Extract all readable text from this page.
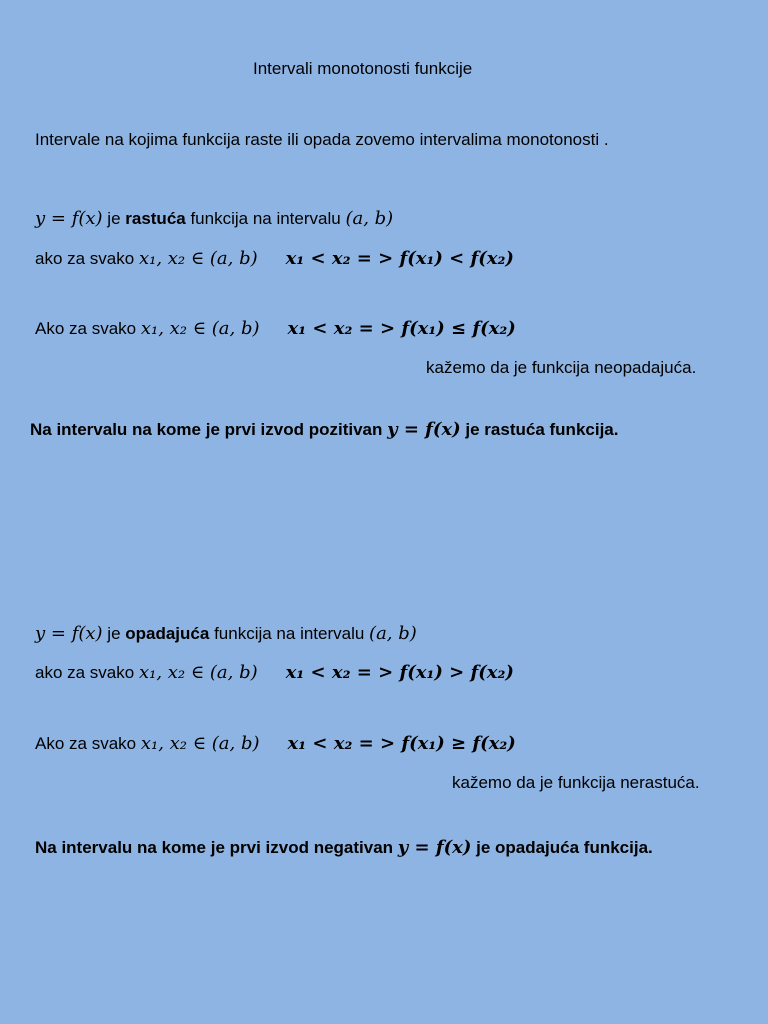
Intervali monotonosti funkcije
Intervale na kojima funkcija raste ili opada zovemo intervalima monotonosti .
y = f(x) je rastuća funkcija na intervalu (a, b)
ako za svako x₁, x₂ ∈ (a, b) x₁ < x₂ = > f(x₁) < f(x₂)
Ako za svako x₁, x₂ ∈ (a, b) x₁ < x₂ = > f(x₁) ≤ f(x₂)
kažemo da je funkcija neopadajuća.
Na intervalu na kome je prvi izvod pozitivan y = f(x) je rastuća funkcija.
y = f(x) je opadajuća funkcija na intervalu (a, b)
ako za svako x₁, x₂ ∈ (a, b) x₁ < x₂ = > f(x₁) > f(x₂)
Ako za svako x₁, x₂ ∈ (a, b) x₁ < x₂ = > f(x₁) ≥ f(x₂)
kažemo da je funkcija nerastuća.
Na intervalu na kome je prvi izvod negativan y = f(x) je opadajuća funkcija.
